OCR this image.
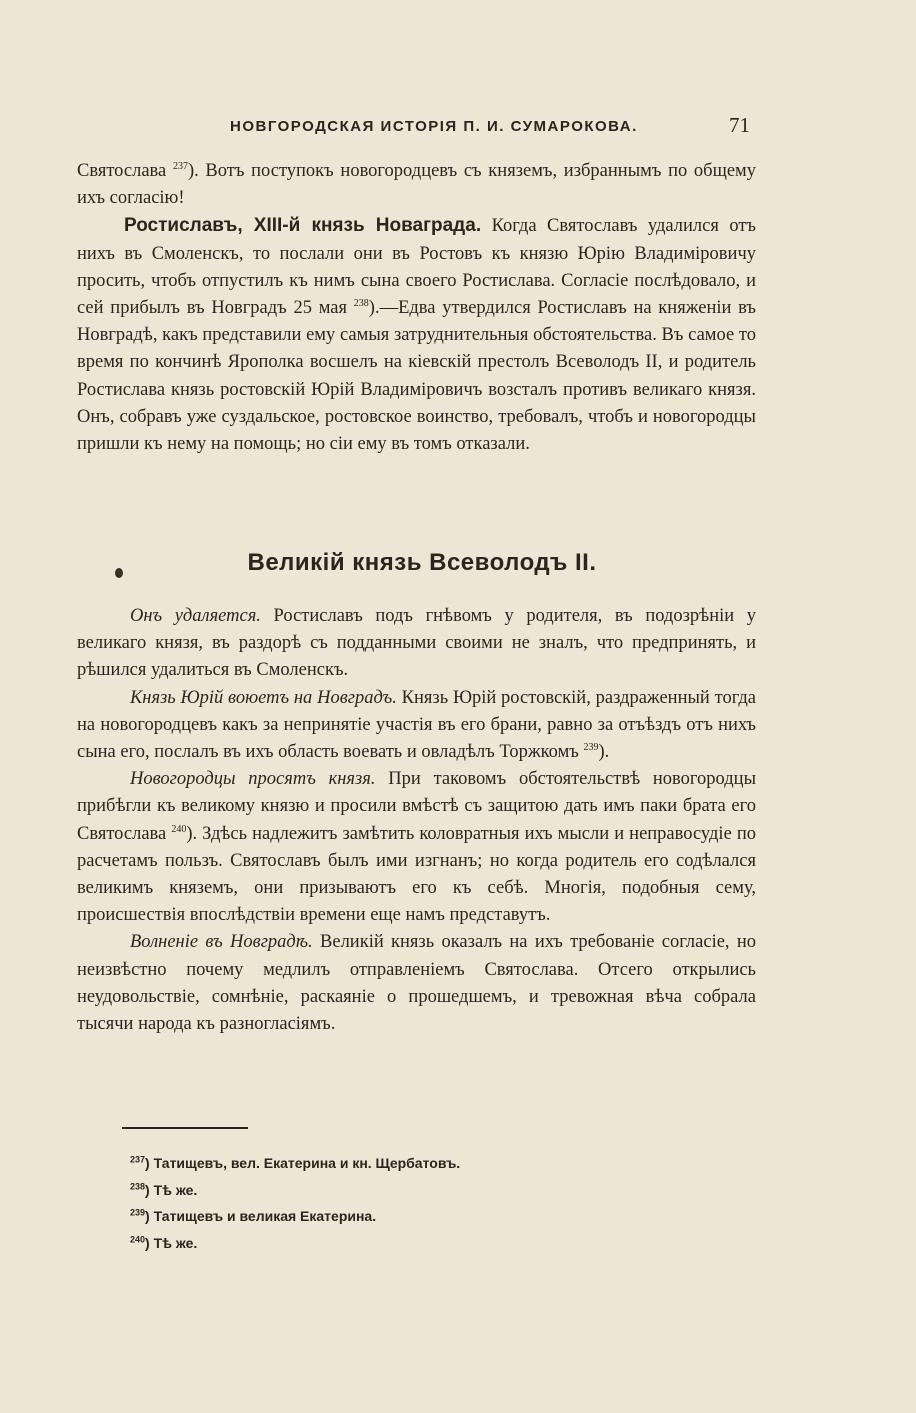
НОВГОРОДСКАЯ ИСТОРІЯ П. И. СУМАРОКОВА.	71

Святослава $^{237}$). Вотъ поступокъ новогородцевъ съ княземъ, избраннымъ по общему ихъ согласію!

Ростиславъ, XIII-й князь Новаграда. Когда Святославъ удалился отъ нихъ въ Смоленскъ, то послали они въ Ростовъ къ князю Юрію Владиміровичу просить, чтобъ отпустилъ къ нимъ сына своего Ростислава. Согласіе послѣдовало, и сей прибылъ въ Новградъ 25 мая $^{238}$).—Едва утвердился Ростиславъ на княженіи въ Новградѣ, какъ представили ему самыя затруднительныя обстоятельства. Въ самое то время по кончинѣ Ярополка восшелъ на кіевскій престолъ Всеволодъ II, и родитель Ростислава князь ростовскій Юрій Владиміровичъ возсталъ противъ великаго князя. Онъ, собравъ уже суздальское, ростовское воинство, требовалъ, чтобъ и новогородцы пришли къ нему на помощь; но сіи ему въ томъ отказали.

Великій князь Всеволодъ II.

Онъ удаляется. Ростиславъ подъ гнѣвомъ у родителя, въ подозрѣніи у великаго князя, въ раздорѣ съ подданными своими не зналъ, что предпринять, и рѣшился удалиться въ Смоленскъ.

Князь Юрій воюетъ на Новградъ. Князь Юрій ростовскій, раздраженный тогда на новогородцевъ какъ за непринятіе участія въ его брани, равно за отъѣздъ отъ нихъ сына его, послалъ въ ихъ область воевать и овладѣлъ Торжкомъ $^{239}$).

Новогородцы просятъ князя. При таковомъ обстоятельствѣ новогородцы прибѣгли къ великому князю и просили вмѣстѣ съ защитою дать имъ паки брата его Святослава $^{240}$). Здѣсь надлежитъ замѣтить коловратныя ихъ мысли и неправосудіе по расчетамъ пользъ. Святославъ былъ ими изгнанъ; но когда родитель его содѣлался великимъ княземъ, они призываютъ его къ себѣ. Многія, подобныя сему, происшествія впослѣдствіи времени еще намъ представутъ.

Волненіе въ Новградѣ. Великій князь оказалъ на ихъ требованіе согласіе, но неизвѣстно почему медлилъ отправленіемъ Святослава. Отсего открылись неудовольствіе, сомнѣніе, раскаяніе о прошедшемъ, и тревожная вѣча собрала тысячи народа къ разногласіямъ.

$^{237}$) Татищевъ, вел. Екатерина и кн. Щербатовъ.
$^{238}$) Тѣ же.
$^{239}$) Татищевъ и великая Екатерина.
$^{240}$) Тѣ же.
